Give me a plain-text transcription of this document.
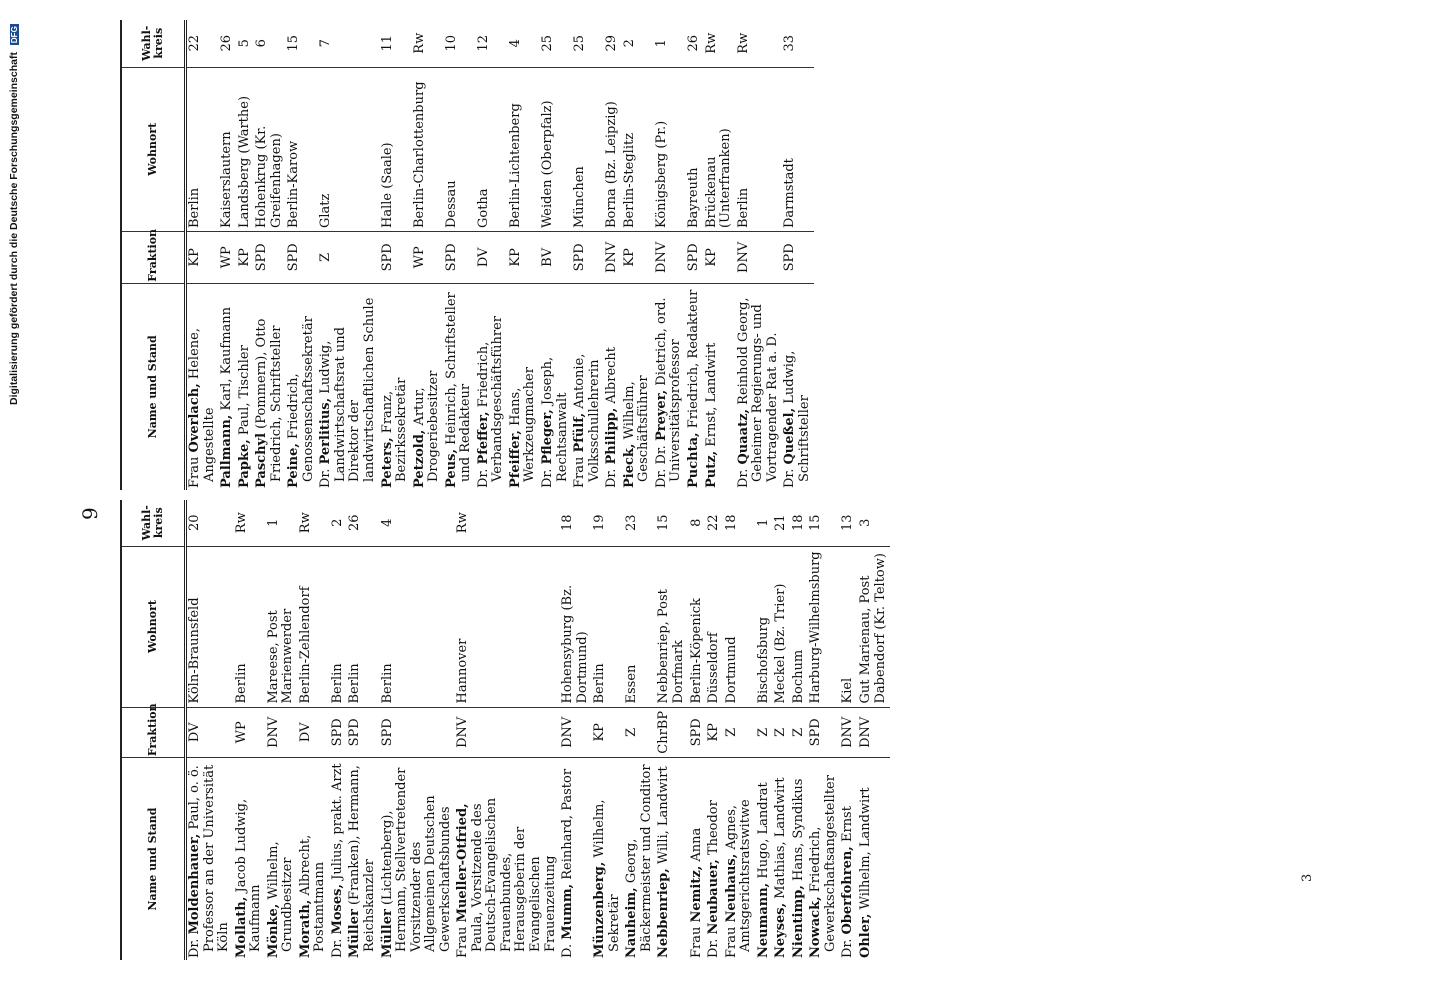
Digitalisierung gefördert durch die Deutsche Forschungsgemeinschaft DFG
9
Name und Stand	Fraktion	Wohnort	Wahl-kreis
Dr. Moldenhauer, Paul, o. ö. Professor an der Universität Köln	DV	Köln-Braunsfeld	20
Mollath, Jacob Ludwig, Kaufmann	WP	Berlin	Rw
Mönke, Wilhelm, Grundbesitzer	DNV	Mareese, Post Marienwerder	1
Morath, Albrecht, Postamtmann	DV	Berlin-Zehlendorf	Rw
Dr. Moses, Julius, prakt. Arzt	SPD	Berlin	2
Müller (Franken), Hermann, Reichskanzler	SPD	Berlin	26
Müller (Lichtenberg), Hermann, Stellvertretender Vorsitzender des Allgemeinen Deutschen Gewerkschaftsbundes	SPD	Berlin	4
Frau Mueller-Otfried, Paula, Vorsitzende des Deutsch-Evangelischen Frauenbundes, Herausgeberin der Evangelischen Frauenzeitung	DNV	Hannover	Rw
D. Mumm, Reinhard, Pastor	DNV	Hohensyburg (Bz. Dortmund)	18
Münzenberg, Wilhelm, Sekretär	KP	Berlin	19
Nauheim, Georg, Bäckermeister und Conditor	Z	Essen	23
Nebbenriep, Willi, Landwirt	ChrBP	Nebbenriep, Post Dorfmark	15
Frau Nemitz, Anna	SPD	Berlin-Köpenick	8
Dr. Neubauer, Theodor	KP	Düsseldorf	22
Frau Neuhaus, Agnes, Amtsgerichtsratswitwe	Z	Dortmund	18
Neumann, Hugo, Landrat	Z	Bischofsburg	1
Neyses, Mathias, Landwirt	Z	Meckel (Bz. Trier)	21
Nientimp, Hans, Syndikus	Z	Bochum	18
Nowack, Friedrich, Gewerkschaftsangestellter	SPD	Harburg-Wilhelmsburg	15
Dr. Oberfohren, Ernst	DNV	Kiel	13
Ohler, Wilhelm, Landwirt	DNV	Gut Marienau, Post Dabendorf (Kr. Teltow)	3
Name und Stand	Fraktion	Wohnort	Wahl-kreis
Frau Overlach, Helene, Angestellte	KP	Berlin	22
Pallmann, Karl, Kaufmann	WP	Kaiserslautern	26
Papke, Paul, Tischler	KP	Landsberg (Warthe)	5
Paschyl (Pommern), Otto Friedrich, Schriftsteller	SPD	Hohenkrug (Kr. Greifenhagen)	6
Peine, Friedrich, Genossenschaftssekretär	SPD	Berlin-Karow	15
Dr. Perlitius, Ludwig, Landwirtschaftsrat und Direktor der landwirtschaftlichen Schule	Z	Glatz	7
Peters, Franz, Bezirkssekretär	SPD	Halle (Saale)	11
Petzold, Artur, Drogeriebesitzer	WP	Berlin-Charlottenburg	Rw
Peus, Heinrich, Schriftsteller und Redakteur	SPD	Dessau	10
Dr. Pfeffer, Friedrich, Verbandsgeschäftsführer	DV	Gotha	12
Pfeiffer, Hans, Werkzeugmacher	KP	Berlin-Lichtenberg	4
Dr. Pfleger, Joseph, Rechtsanwalt	BV	Weiden (Oberpfalz)	25
Frau Pfülf, Antonie, Volksschullehrerin	SPD	München	25
Dr. Philipp, Albrecht	DNV	Borna (Bz. Leipzig)	29
Pieck, Wilhelm, Geschäftsführer	KP	Berlin-Steglitz	2
Dr. Dr. Preyer, Dietrich, ord. Universitätsprofessor	DNV	Königsberg (Pr.)	1
Puchta, Friedrich, Redakteur	SPD	Bayreuth	26
Putz, Ernst, Landwirt	KP	Brückenau (Unterfranken)	Rw
Dr. Quaatz, Reinhold Georg, Geheimer Regierungs- und Vortragender Rat a. D.	DNV	Berlin	Rw
Dr. Queßel, Ludwig, Schriftsteller	SPD	Darmstadt	33
3
